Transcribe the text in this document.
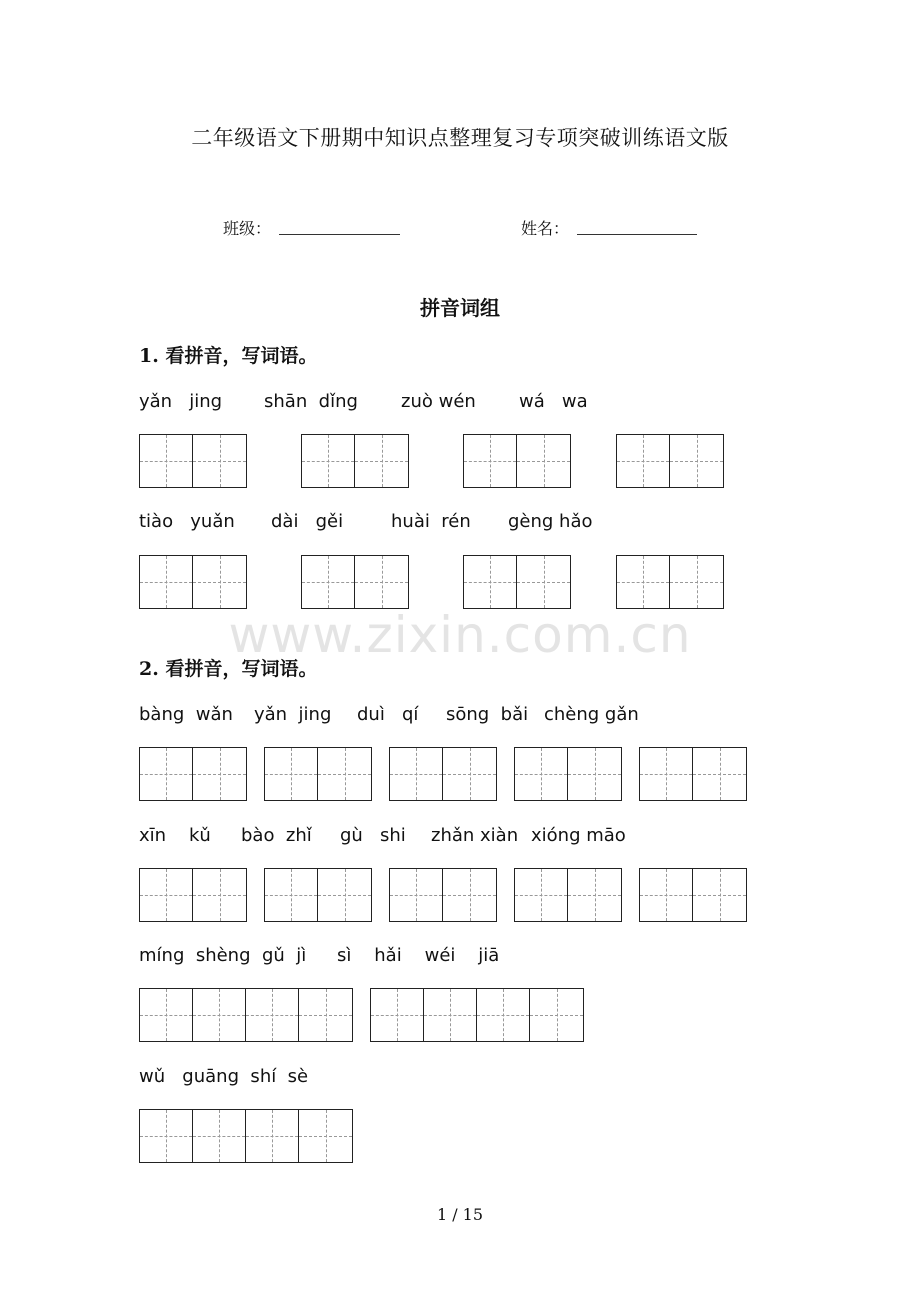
二年级语文下册期中知识点整理复习专项突破训练语文版
班级：	姓名：
拼音词组
1. 看拼音，写词语。
yǎn   jing shān  dǐng zuò wén wá   wa
tiào   yuǎn dài   gěi	huài  rén gèng hǎo
www.zixin.com.cn
2. 看拼音，写词语。
bàng  wǎn yǎn  jing duì   qí sōng  bǎi chèng gǎn
xīn    kǔ bào  zhǐ gù   shi zhǎn xiàn xióng māo
míng  shèng  gǔ  jì sì    hǎi    wéi    jiā
wǔ   guāng  shí  sè
1 / 15
